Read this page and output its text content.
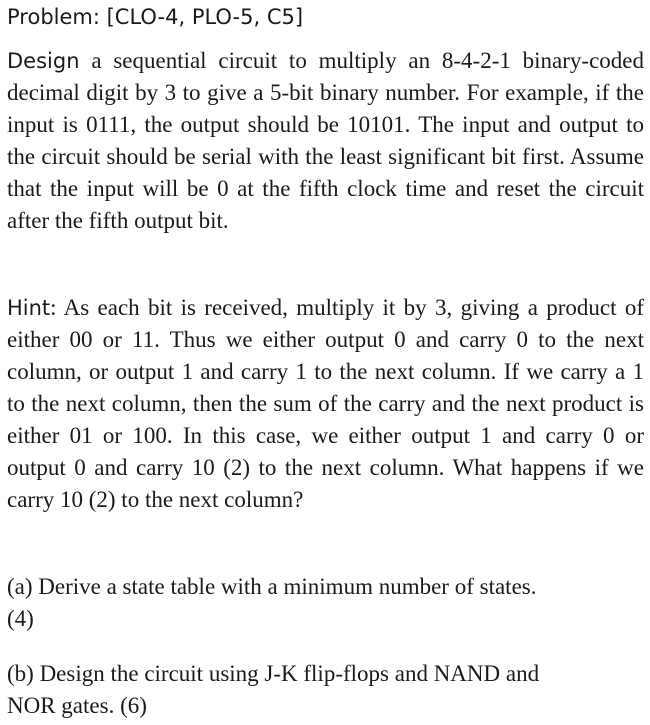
Problem: [CLO-4, PLO-5, C5]

Design a sequential circuit to multiply an 8-4-2-1 binary-coded decimal digit by 3 to give a 5-bit binary number. For example, if the input is 0111, the output should be 10101. The input and output to the circuit should be serial with the least significant bit first. Assume that the input will be 0 at the fifth clock time and reset the circuit after the fifth output bit.

Hint: As each bit is received, multiply it by 3, giving a product of either 00 or 11. Thus we either output 0 and carry 0 to the next column, or output 1 and carry 1 to the next column. If we carry a 1 to the next column, then the sum of the carry and the next product is either 01 or 100. In this case, we either output 1 and carry 0 or output 0 and carry 10 (2) to the next column. What happens if we carry 10 (2) to the next column?

(a) Derive a state table with a minimum number of states.
(4)

(b) Design the circuit using J-K flip-flops and NAND and
NOR gates. (6)
